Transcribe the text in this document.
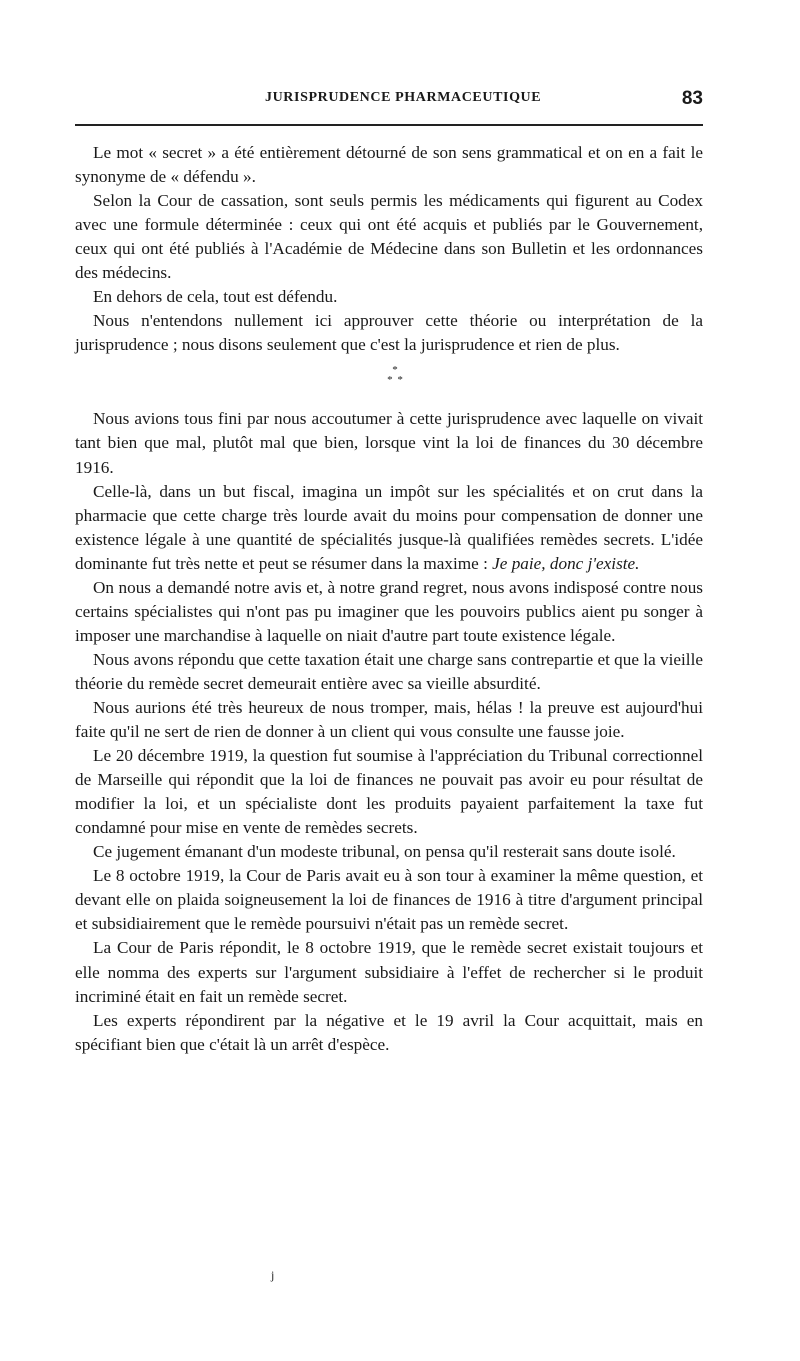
JURISPRUDENCE PHARMACEUTIQUE	83

Le mot « secret » a été entièrement détourné de son sens grammatical et on en a fait le synonyme de « défendu ».

Selon la Cour de cassation, sont seuls permis les médicaments qui figurent au Codex avec une formule déterminée : ceux qui ont été acquis et publiés par le Gouvernement, ceux qui ont été publiés à l'Académie de Médecine dans son Bulletin et les ordonnances des médecins.

En dehors de cela, tout est défendu.

Nous n'entendons nullement ici approuver cette théorie ou interprétation de la jurisprudence ; nous disons seulement que c'est la jurisprudence et rien de plus.

*
* *

Nous avions tous fini par nous accoutumer à cette jurisprudence avec laquelle on vivait tant bien que mal, plutôt mal que bien, lorsque vint la loi de finances du 30 décembre 1916.

Celle-là, dans un but fiscal, imagina un impôt sur les spécialités et on crut dans la pharmacie que cette charge très lourde avait du moins pour compensation de donner une existence légale à une quantité de spécialités jusque-là qualifiées remèdes secrets. L'idée dominante fut très nette et peut se résumer dans la maxime : Je paie, donc j'existe.

On nous a demandé notre avis et, à notre grand regret, nous avons indisposé contre nous certains spécialistes qui n'ont pas pu imaginer que les pouvoirs publics aient pu songer à imposer une marchandise à laquelle on niait d'autre part toute existence légale.

Nous avons répondu que cette taxation était une charge sans contrepartie et que la vieille théorie du remède secret demeurait entière avec sa vieille absurdité.

Nous aurions été très heureux de nous tromper, mais, hélas ! la preuve est aujourd'hui faite qu'il ne sert de rien de donner à un client qui vous consulte une fausse joie.

Le 20 décembre 1919, la question fut soumise à l'appréciation du Tribunal correctionnel de Marseille qui répondit que la loi de finances ne pouvait pas avoir eu pour résultat de modifier la loi, et un spécialiste dont les produits payaient parfaitement la taxe fut condamné pour mise en vente de remèdes secrets.

Ce jugement émanant d'un modeste tribunal, on pensa qu'il resterait sans doute isolé.

Le 8 octobre 1919, la Cour de Paris avait eu à son tour à examiner la même question, et devant elle on plaida soigneusement la loi de finances de 1916 à titre d'argument principal et subsidiairement que le remède poursuivi n'était pas un remède secret.

La Cour de Paris répondit, le 8 octobre 1919, que le remède secret existait toujours et elle nomma des experts sur l'argument subsidiaire à l'effet de rechercher si le produit incriminé était en fait un remède secret.

Les experts répondirent par la négative et le 19 avril la Cour acquittait, mais en spécifiant bien que c'était là un arrêt d'espèce.

j
